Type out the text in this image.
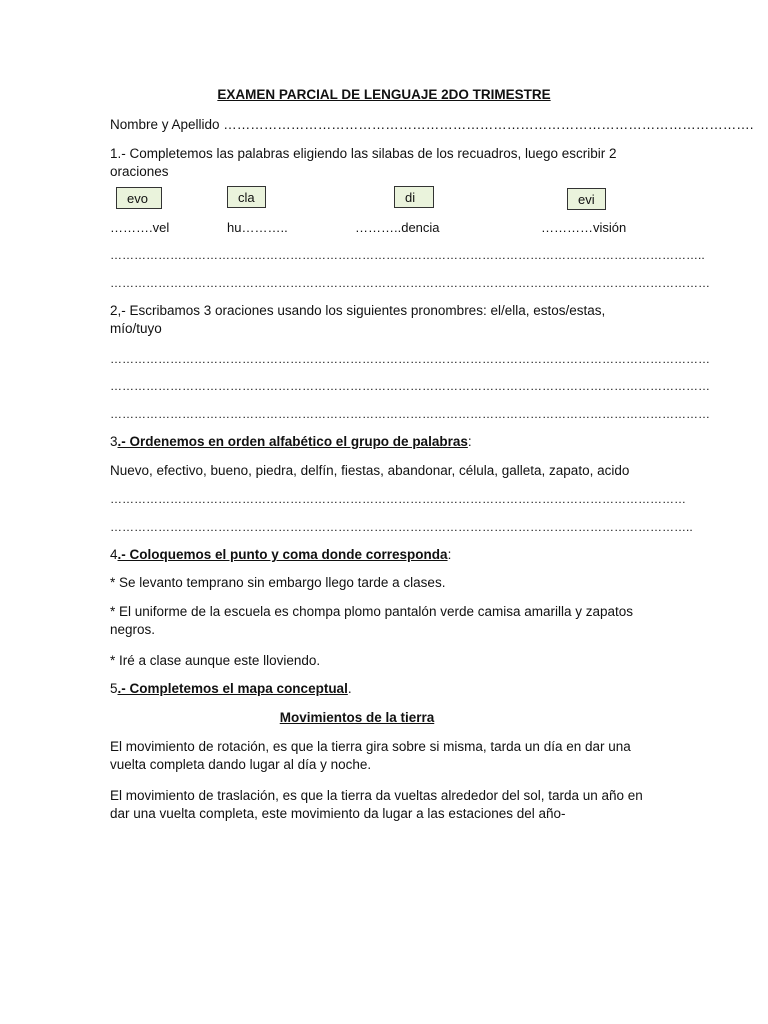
EXAMEN PARCIAL DE LENGUAJE 2DO TRIMESTRE
Nombre y Apellido ……………………………………………………………………………………………………….
1.- Completemos las palabras eligiendo las silabas de los recuadros, luego escribir 2 oraciones
evo	cla	di	evi
……….vel	hu………..	………..dencia	…………visión
…………………………………………………………………………………………………………………………………..
……………………………………………………………………………………………………………………………………
2,- Escribamos 3 oraciones usando los siguientes pronombres: el/ella, estos/estas, mío/tuyo
……………………………………………………………………………………………………………………………………
……………………………………………………………………………………………………………………………………
……………………………………………………………………………………………………………………………………
3.- Ordenemos en orden alfabético el grupo de palabras:
Nuevo, efectivo, bueno, piedra, delfín, fiestas, abandonar, célula, galleta, zapato, acido
………………………………………………………………………………………………………………………………
………………………………………………………………………………………………………………………………..
4.- Coloquemos el punto y coma donde corresponda:
* Se levanto temprano sin embargo llego tarde a clases.
* El uniforme de la escuela es chompa plomo pantalón verde camisa amarilla y zapatos negros.
* Iré a clase aunque este lloviendo.
5.- Completemos el mapa conceptual.
Movimientos de la tierra
El movimiento de rotación, es que la tierra gira sobre si misma, tarda un día en dar una vuelta completa dando lugar al día y noche.
El movimiento de traslación, es que la tierra da vueltas alrededor del sol, tarda un año en dar una vuelta completa, este movimiento da lugar a las estaciones del año-
